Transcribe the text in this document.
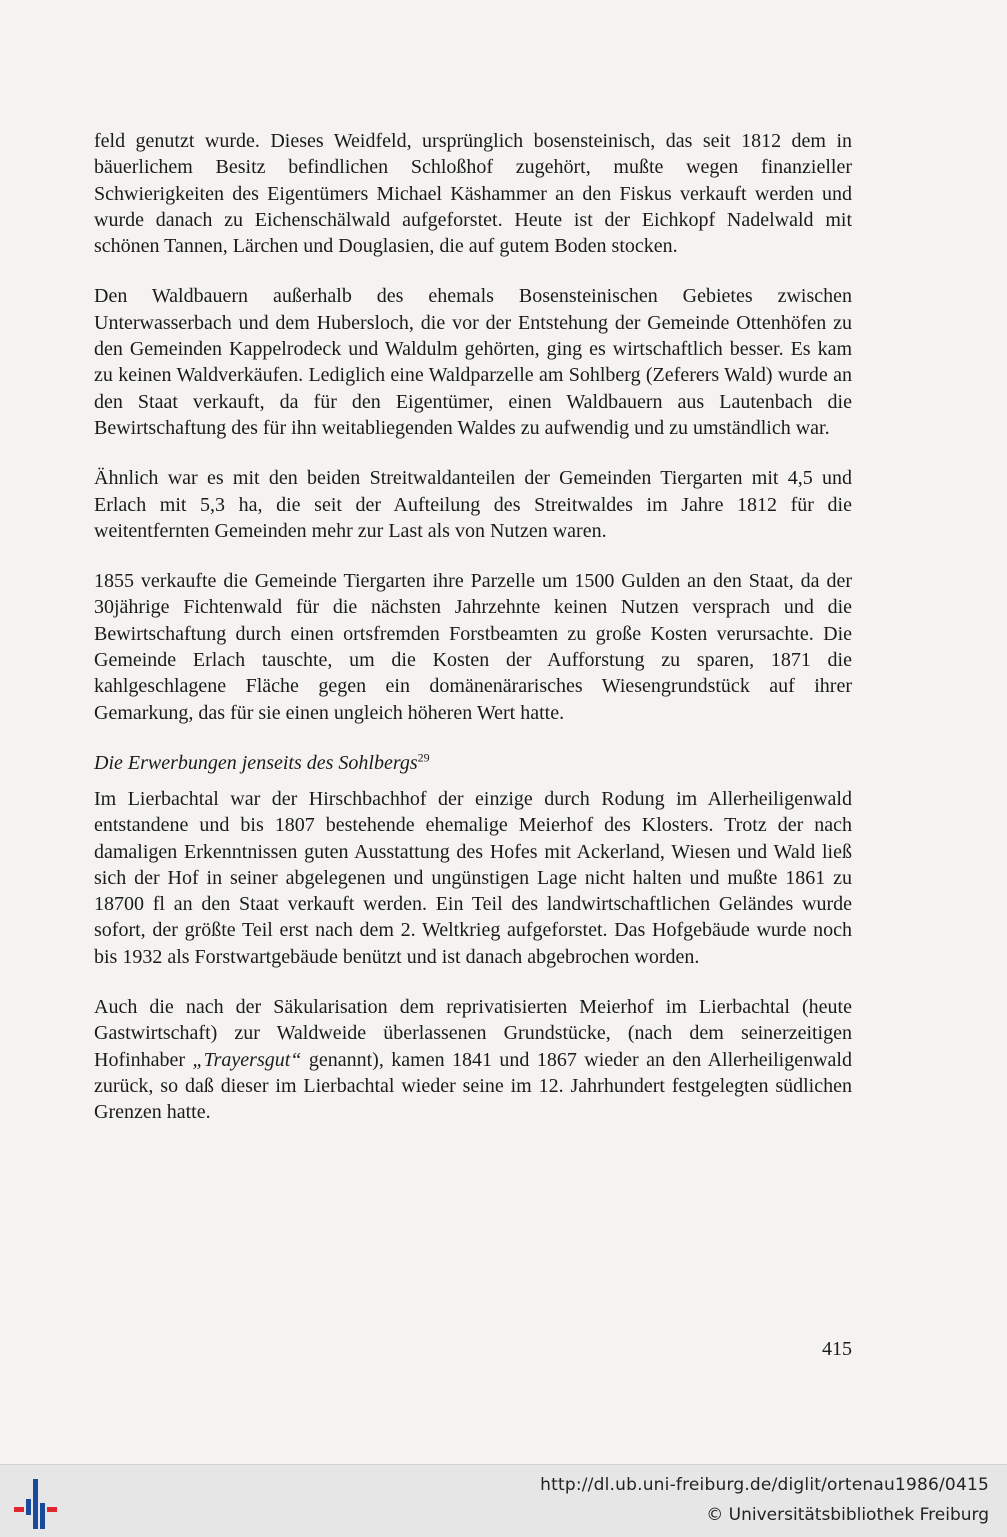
feld genutzt wurde. Dieses Weidfeld, ursprünglich bosensteinisch, das seit 1812 dem in bäuerlichem Besitz befindlichen Schloßhof zugehört, mußte wegen finanzieller Schwierigkeiten des Eigentümers Michael Käshammer an den Fiskus verkauft werden und wurde danach zu Eichenschälwald aufgeforstet. Heute ist der Eichkopf Nadelwald mit schönen Tannen, Lärchen und Douglasien, die auf gutem Boden stocken.

Den Waldbauern außerhalb des ehemals Bosensteinischen Gebietes zwischen Unterwasserbach und dem Hubersloch, die vor der Entstehung der Gemeinde Ottenhöfen zu den Gemeinden Kappelrodeck und Waldulm gehörten, ging es wirtschaftlich besser. Es kam zu keinen Waldverkäufen. Lediglich eine Waldparzelle am Sohlberg (Zeferers Wald) wurde an den Staat verkauft, da für den Eigentümer, einen Waldbauern aus Lautenbach die Bewirtschaftung des für ihn weitabliegenden Waldes zu aufwendig und zu umständlich war.

Ähnlich war es mit den beiden Streitwaldanteilen der Gemeinden Tiergarten mit 4,5 und Erlach mit 5,3 ha, die seit der Aufteilung des Streitwaldes im Jahre 1812 für die weitentfernten Gemeinden mehr zur Last als von Nutzen waren.

1855 verkaufte die Gemeinde Tiergarten ihre Parzelle um 1500 Gulden an den Staat, da der 30jährige Fichtenwald für die nächsten Jahrzehnte keinen Nutzen versprach und die Bewirtschaftung durch einen ortsfremden Forstbeamten zu große Kosten verursachte. Die Gemeinde Erlach tauschte, um die Kosten der Aufforstung zu sparen, 1871 die kahlgeschlagene Fläche gegen ein domänenärarisches Wiesengrundstück auf ihrer Gemarkung, das für sie einen ungleich höheren Wert hatte.

Die Erwerbungen jenseits des Sohlbergs$^{29}$

Im Lierbachtal war der Hirschbachhof der einzige durch Rodung im Allerheiligenwald entstandene und bis 1807 bestehende ehemalige Meierhof des Klosters. Trotz der nach damaligen Erkenntnissen guten Ausstattung des Hofes mit Ackerland, Wiesen und Wald ließ sich der Hof in seiner abgelegenen und ungünstigen Lage nicht halten und mußte 1861 zu 18700 fl an den Staat verkauft werden. Ein Teil des landwirtschaftlichen Geländes wurde sofort, der größte Teil erst nach dem 2. Weltkrieg aufgeforstet. Das Hofgebäude wurde noch bis 1932 als Forstwartgebäude benützt und ist danach abgebrochen worden.

Auch die nach der Säkularisation dem reprivatisierten Meierhof im Lierbachtal (heute Gastwirtschaft) zur Waldweide überlassenen Grundstücke, (nach dem seinerzeitigen Hofinhaber „Trayersgut“ genannt), kamen 1841 und 1867 wieder an den Allerheiligenwald zurück, so daß dieser im Lierbachtal wieder seine im 12. Jahrhundert festgelegten südlichen Grenzen hatte.

415
http://dl.ub.uni-freiburg.de/diglit/ortenau1986/0415
© Universitätsbibliothek Freiburg
